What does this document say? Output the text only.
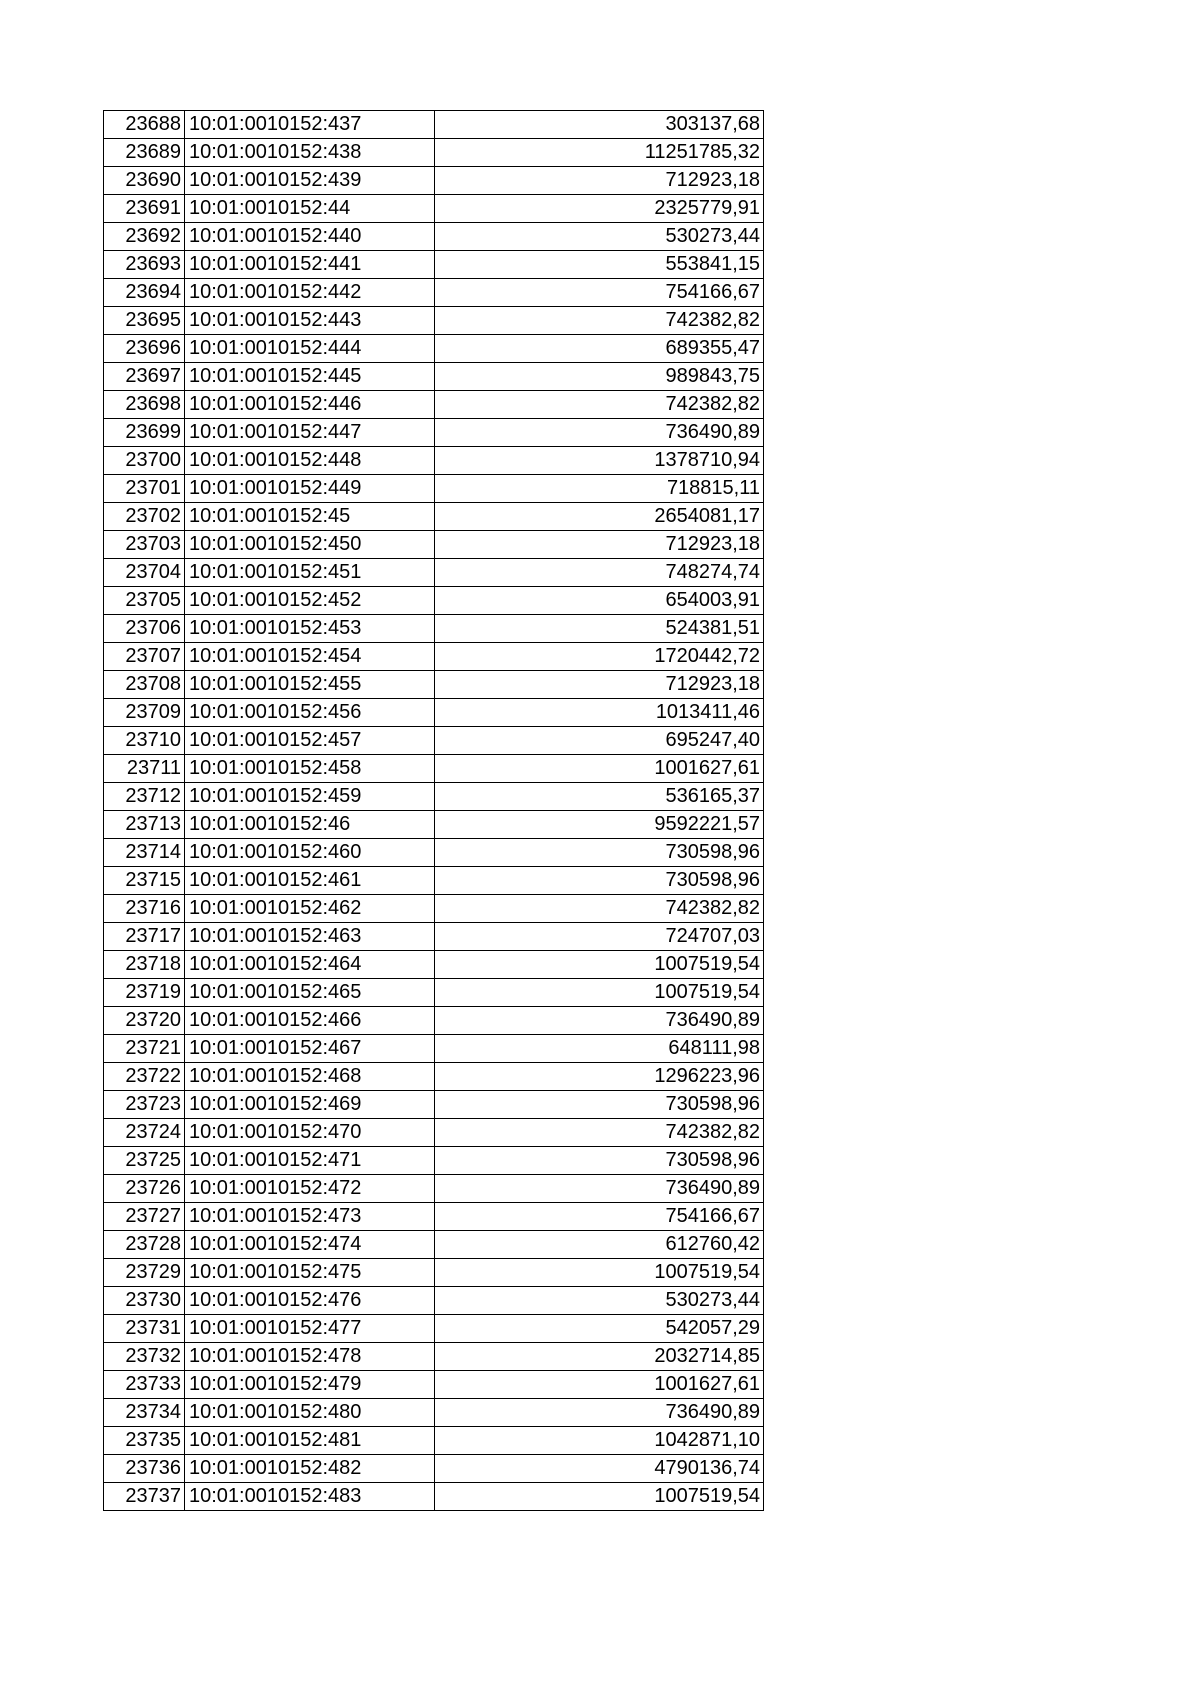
23688	10:01:0010152:437	303137,68
23689	10:01:0010152:438	11251785,32
23690	10:01:0010152:439	712923,18
23691	10:01:0010152:44	2325779,91
23692	10:01:0010152:440	530273,44
23693	10:01:0010152:441	553841,15
23694	10:01:0010152:442	754166,67
23695	10:01:0010152:443	742382,82
23696	10:01:0010152:444	689355,47
23697	10:01:0010152:445	989843,75
23698	10:01:0010152:446	742382,82
23699	10:01:0010152:447	736490,89
23700	10:01:0010152:448	1378710,94
23701	10:01:0010152:449	718815,11
23702	10:01:0010152:45	2654081,17
23703	10:01:0010152:450	712923,18
23704	10:01:0010152:451	748274,74
23705	10:01:0010152:452	654003,91
23706	10:01:0010152:453	524381,51
23707	10:01:0010152:454	1720442,72
23708	10:01:0010152:455	712923,18
23709	10:01:0010152:456	1013411,46
23710	10:01:0010152:457	695247,40
23711	10:01:0010152:458	1001627,61
23712	10:01:0010152:459	536165,37
23713	10:01:0010152:46	9592221,57
23714	10:01:0010152:460	730598,96
23715	10:01:0010152:461	730598,96
23716	10:01:0010152:462	742382,82
23717	10:01:0010152:463	724707,03
23718	10:01:0010152:464	1007519,54
23719	10:01:0010152:465	1007519,54
23720	10:01:0010152:466	736490,89
23721	10:01:0010152:467	648111,98
23722	10:01:0010152:468	1296223,96
23723	10:01:0010152:469	730598,96
23724	10:01:0010152:470	742382,82
23725	10:01:0010152:471	730598,96
23726	10:01:0010152:472	736490,89
23727	10:01:0010152:473	754166,67
23728	10:01:0010152:474	612760,42
23729	10:01:0010152:475	1007519,54
23730	10:01:0010152:476	530273,44
23731	10:01:0010152:477	542057,29
23732	10:01:0010152:478	2032714,85
23733	10:01:0010152:479	1001627,61
23734	10:01:0010152:480	736490,89
23735	10:01:0010152:481	1042871,10
23736	10:01:0010152:482	4790136,74
23737	10:01:0010152:483	1007519,54
